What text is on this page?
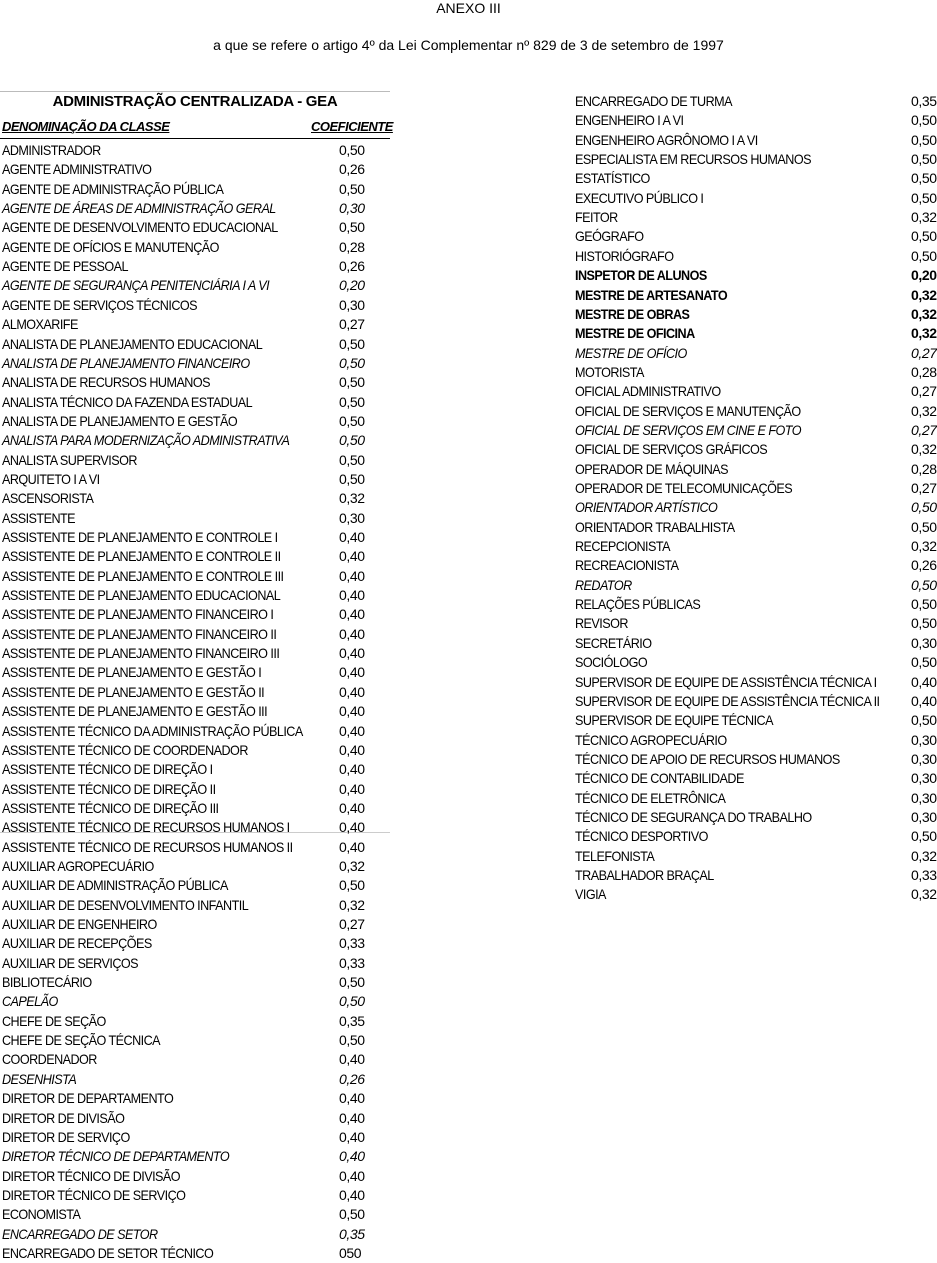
ANEXO III
a que se refere o artigo 4º da Lei Complementar nº 829 de 3 de setembro de 1997
ADMINISTRAÇÃO CENTRALIZADA - GEA
DENOMINAÇÃO DA CLASSE	COEFICIENTE
ADMINISTRADOR	0,50
AGENTE ADMINISTRATIVO	0,26
AGENTE DE ADMINISTRAÇÃO PÚBLICA	0,50
AGENTE DE ÁREAS DE ADMINISTRAÇÃO GERAL	0,30
AGENTE DE DESENVOLVIMENTO EDUCACIONAL	0,50
AGENTE DE OFÍCIOS E MANUTENÇÃO	0,28
AGENTE DE PESSOAL	0,26
AGENTE DE SEGURANÇA PENITENCIÁRIA I A VI	0,20
AGENTE DE SERVIÇOS TÉCNICOS	0,30
ALMOXARIFE	0,27
ANALISTA DE PLANEJAMENTO EDUCACIONAL	0,50
ANALISTA DE PLANEJAMENTO FINANCEIRO	0,50
ANALISTA DE RECURSOS HUMANOS	0,50
ANALISTA TÉCNICO DA FAZENDA ESTADUAL	0,50
ANALISTA DE PLANEJAMENTO E GESTÃO	0,50
ANALISTA PARA MODERNIZAÇÃO ADMINISTRATIVA	0,50
ANALISTA SUPERVISOR	0,50
ARQUITETO I A VI	0,50
ASCENSORISTA	0,32
ASSISTENTE	0,30
ASSISTENTE DE PLANEJAMENTO E CONTROLE I	0,40
ASSISTENTE DE PLANEJAMENTO E CONTROLE II	0,40
ASSISTENTE DE PLANEJAMENTO E CONTROLE III	0,40
ASSISTENTE DE PLANEJAMENTO EDUCACIONAL	0,40
ASSISTENTE DE PLANEJAMENTO FINANCEIRO I	0,40
ASSISTENTE DE PLANEJAMENTO FINANCEIRO II	0,40
ASSISTENTE DE PLANEJAMENTO FINANCEIRO III	0,40
ASSISTENTE DE PLANEJAMENTO E GESTÃO I	0,40
ASSISTENTE DE PLANEJAMENTO E GESTÃO II	0,40
ASSISTENTE DE PLANEJAMENTO E GESTÃO III	0,40
ASSISTENTE TÉCNICO DA ADMINISTRAÇÃO PÚBLICA	0,40
ASSISTENTE TÉCNICO DE COORDENADOR	0,40
ASSISTENTE TÉCNICO DE DIREÇÃO I	0,40
ASSISTENTE TÉCNICO DE DIREÇÃO II	0,40
ASSISTENTE TÉCNICO DE DIREÇÃO III	0,40
ASSISTENTE TÉCNICO DE RECURSOS HUMANOS I	0,40
ASSISTENTE TÉCNICO DE RECURSOS HUMANOS II	0,40
AUXILIAR AGROPECUÁRIO	0,32
AUXILIAR DE ADMINISTRAÇÃO PÚBLICA	0,50
AUXILIAR DE DESENVOLVIMENTO INFANTIL	0,32
AUXILIAR DE ENGENHEIRO	0,27
AUXILIAR DE RECEPÇÕES	0,33
AUXILIAR DE SERVIÇOS	0,33
BIBLIOTECÁRIO	0,50
CAPELÃO	0,50
CHEFE DE SEÇÃO	0,35
CHEFE DE SEÇÃO TÉCNICA	0,50
COORDENADOR	0,40
DESENHISTA	0,26
DIRETOR DE DEPARTAMENTO	0,40
DIRETOR DE DIVISÃO	0,40
DIRETOR DE SERVIÇO	0,40
DIRETOR TÉCNICO DE DEPARTAMENTO	0,40
DIRETOR TÉCNICO DE DIVISÃO	0,40
DIRETOR TÉCNICO DE SERVIÇO	0,40
ECONOMISTA	0,50
ENCARREGADO DE SETOR	0,35
ENCARREGADO DE SETOR TÉCNICO	050
ENCARREGADO DE TURMA	0,35
ENGENHEIRO I A VI	0,50
ENGENHEIRO AGRÔNOMO I A VI	0,50
ESPECIALISTA EM RECURSOS HUMANOS	0,50
ESTATÍSTICO	0,50
EXECUTIVO PÚBLICO I	0,50
FEITOR	0,32
GEÓGRAFO	0,50
HISTORIÓGRAFO	0,50
INSPETOR DE ALUNOS	0,20
MESTRE DE ARTESANATO	0,32
MESTRE DE OBRAS	0,32
MESTRE DE OFICINA	0,32
MESTRE DE OFÍCIO	0,27
MOTORISTA	0,28
OFICIAL ADMINISTRATIVO	0,27
OFICIAL DE SERVIÇOS E MANUTENÇÃO	0,32
OFICIAL DE SERVIÇOS EM CINE E FOTO	0,27
OFICIAL DE SERVIÇOS GRÁFICOS	0,32
OPERADOR DE MÁQUINAS	0,28
OPERADOR DE TELECOMUNICAÇÕES	0,27
ORIENTADOR ARTÍSTICO	0,50
ORIENTADOR TRABALHISTA	0,50
RECEPCIONISTA	0,32
RECREACIONISTA	0,26
REDATOR	0,50
RELAÇÕES PÚBLICAS	0,50
REVISOR	0,50
SECRETÁRIO	0,30
SOCIÓLOGO	0,50
SUPERVISOR DE EQUIPE DE ASSISTÊNCIA TÉCNICA I 0,40
SUPERVISOR DE EQUIPE DE ASSISTÊNCIA TÉCNICA II 0,40
SUPERVISOR DE EQUIPE TÉCNICA	0,50
TÉCNICO AGROPECUÁRIO	0,30
TÉCNICO DE APOIO DE RECURSOS HUMANOS	0,30
TÉCNICO DE CONTABILIDADE	0,30
TÉCNICO DE ELETRÔNICA	0,30
TÉCNICO DE SEGURANÇA DO TRABALHO	0,30
TÉCNICO DESPORTIVO	0,50
TELEFONISTA	0,32
TRABALHADOR BRAÇAL	0,33
VIGIA	0,32
